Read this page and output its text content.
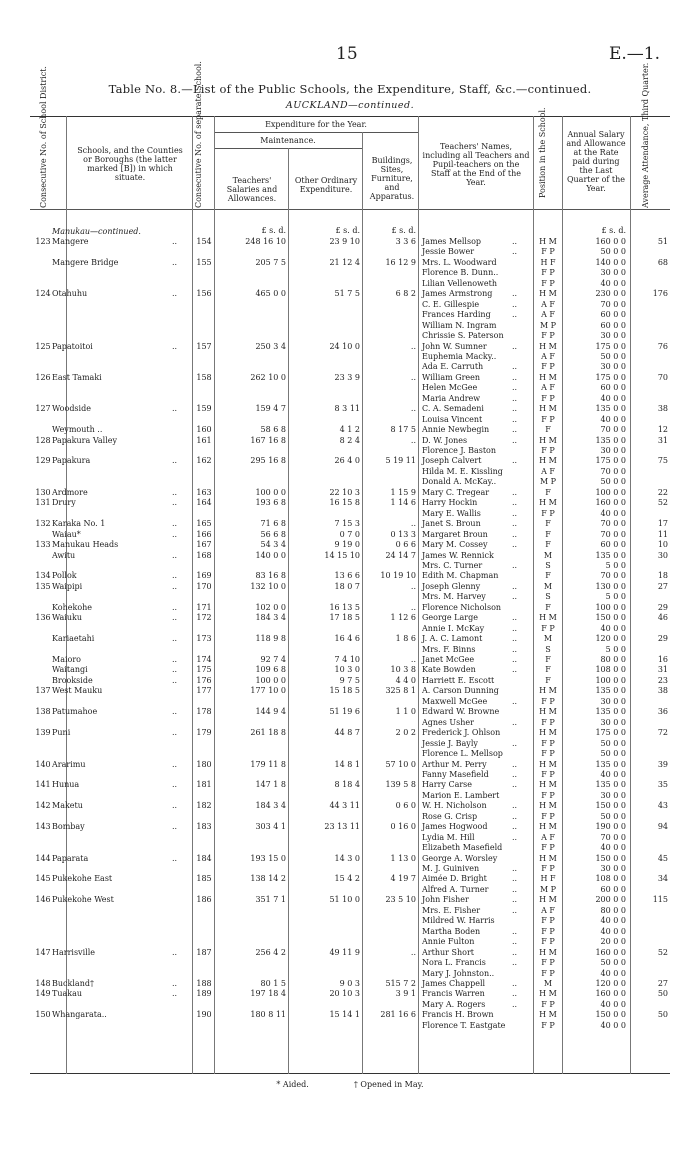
15	E.—1.
Table No. 8.—List of the Public Schools, the Expenditure, Staff, &c.—continued.
AUCKLAND—continued.
Consecutive No. of School District.	Schools, and the Counties or Boroughs (the latter marked [B]) in which situate.	Consecutive No. of separate School.	Expenditure for the Year.
Maintenance.
Teachers' Salaries and Allowances.
Other Ordinary Expenditure.
Buildings, Sites, Furniture, and Apparatus.
Teachers' Names, including all Teachers and Pupil-teachers on the Staff at the End of the Year.	Position in the School.	Annual Salary and Allowance at the Rate paid during the Last Quarter of the Year.	Average Attendance, Third Quarter.
£ s. d.	£ s. d.	£ s. d.	£ s. d.
Manukau—continued.
123 Mangere	..	154	248 16 10	23 9 10	3 3 6 James Mellsop	..	H M	160 0 0	51
Jessie Bower	..	F P	50 0 0
Mangere Bridge	..	155	205 7 5	21 12 4	16 12 9 Mrs. L. Woodward	H F	140 0 0	68
Florence B. Dunn..	F P	30 0 0
Lilian Vellenoweth	F P	40 0 0
124 Otahuhu	..	156	465 0 0	51 7 5	6 8 2 James Armstrong	..	H M	230 0 0	176
C. E. Gillespie	..	A F	70 0 0
Frances Harding	..	A F	60 0 0
William N. Ingram	M P	60 0 0
Chrissie S. Paterson	F P	30 0 0
125 Papatoitoi	..	157	250 3 4	24 10 0	.. John W. Sumner	..	H M	175 0 0	76
Euphemia Macky..	A F	50 0 0
Ada E. Carruth	..	F P	30 0 0
126 East Tamaki	158	262 10 0	23 3 9	.. William Green	..	H M	175 0 0	70
Helen McGee	..	A F	60 0 0
Maria Andrew	..	F P	40 0 0
127 Woodside	..	159	159 4 7	8 3 11	.. C. A. Semadeni	..	H M	135 0 0	38
Louisa Vincent	..	F P	40 0 0
Weymouth ..	160	58 6 8	4 1 2	8 17 5 Annie Newbegin	..	F	70 0 0	12
128 Papakura Valley	161	167 16 8	8 2 4	.. D. W. Jones	..	H M	135 0 0	31
Florence J. Baston	F P	30 0 0
129 Papakura	..	162	295 16 8	26 4 0	5 19 11 Joseph Calvert	..	H M	175 0 0	75
Hilda M. E. Kissling	A F	70 0 0
Donald A. McKay..	M P	50 0 0
130 Ardmore	..	163	100 0 0	22 10 3	1 15 9 Mary C. Tregear	..	F	100 0 0	22
131 Drury	..	164	193 6 8	16 15 8	1 14 6 Harry Hockin	..	H M	160 0 0	52
Mary E. Wallis	..	F P	40 0 0
132 Karaka No. 1	..	165	71 6 8	7 15 3	.. Janet S. Broun	..	F	70 0 0	17
Waiau*	..	166	56 6 8	0 7 0	0 13 3 Margaret Broun	..	F	70 0 0	11
133 Manukau Heads	167	54 3 4	9 19 0	0 6 6 Mary M. Cossey	..	F	60 0 0	10
Awitu	..	168	140 0 0	14 15 10	24 14 7 James W. Rennick	M	135 0 0	30
Mrs. C. Turner	..	S	5 0 0
134 Pollok	..	169	83 16 8	13 6 6	10 19 10 Edith M. Chapman	F	70 0 0	18
135 Waipipi	..	170	132 10 0	18 0 7	.. Joseph Glenny	..	M	130 0 0	27
Mrs. M. Harvey	..	S	5 0 0
Kohekohe	..	171	102 0 0	16 13 5	.. Florence Nicholson	F	100 0 0	29
136 Waiuku	..	172	184 3 4	17 18 5	1 12 6 George Large	..	H M	150 0 0	46
Annie I. McKay	..	F P	40 0 0
Kariaetahi	..	173	118 9 8	16 4 6	1 8 6 J. A. C. Lamont	..	M	120 0 0	29
Mrs. F. Binns	..	S	5 0 0
Maioro	..	174	92 7 4	7 4 10	.. Janet McGee	..	F	80 0 0	16
Waitangi	..	175	109 6 8	10 3 0	10 3 8 Kate Bowden	..	F	108 0 0	31
Brookside	..	176	100 0 0	9 7 5	4 4 0 Harriett E. Escott	F	100 0 0	23
137 West Mauku	177	177 10 0	15 18 5	325 8 1 A. Carson Dunning	H M	135 0 0	38
Maxwell McGee	..	F P	30 0 0
138 Patumahoe	..	178	144 9 4	51 19 6	1 1 0 Edward W. Browne	H M	135 0 0	36
Agnes Usher	..	F P	30 0 0
139 Puni	..	179	261 18 8	44 8 7	2 0 2 Frederick J. Ohlson	H M	175 0 0	72
Jessie J. Bayly	..	F P	50 0 0
Florence L. Mellsop	F P	50 0 0
140 Ararimu	..	180	179 11 8	14 8 1	57 10 0 Arthur M. Perry	..	H M	135 0 0	39
Fanny Masefield	..	F P	40 0 0
141 Hunua	..	181	147 1 8	8 18 4	139 5 8 Harry Carse	..	H M	135 0 0	35
Marion E. Lambert	F P	30 0 0
142 Maketu	..	182	184 3 4	44 3 11	0 6 0 W. H. Nicholson	..	H M	150 0 0	43
Rose G. Crisp	..	F P	50 0 0
143 Bombay	..	183	303 4 1	23 13 11	0 16 0 James Hogwood	..	H M	190 0 0	94
Lydia M. Hill	..	A F	70 0 0
Elizabeth Masefield	F P	40 0 0
144 Paparata	..	184	193 15 0	14 3 0	1 13 0 George A. Worsley	H M	150 0 0	45
M. J. Guiniven	..	F P	30 0 0
145 Pukekohe East	185	138 14 2	15 4 2	4 19 7 Aimée D. Bright	..	H F	108 0 0	34
Alfred A. Turner	..	M P	60 0 0
146 Pukekohe West	186	351 7 1	51 10 0	23 5 10 John Fisher	..	H M	200 0 0	115
Mrs. E. Fisher	..	A F	80 0 0
Mildred W. Harris	F P	40 0 0
Martha Boden	..	F P	40 0 0
Annie Fulton	..	F P	20 0 0
147 Harrisville	..	187	256 4 2	49 11 9	.. Arthur Short	..	H M	160 0 0	52
Nora L. Francis	..	F P	50 0 0
Mary J. Johnston..	F P	40 0 0
148 Buckland†	..	188	80 1 5	9 0 3	515 7 2 James Chappell	..	M	120 0 0	27
149 Tuakau	..	189	197 18 4	20 10 3	3 9 1 Francis Warren	..	H M	160 0 0	50
Mary A. Rogers	..	F P	40 0 0
150 Whangarata..	190	180 8 11	15 14 1	281 16 6 Francis H. Brown	H M	150 0 0	50
Florence T. Eastgate	F P	40 0 0
* Aided.	† Opened in May.
